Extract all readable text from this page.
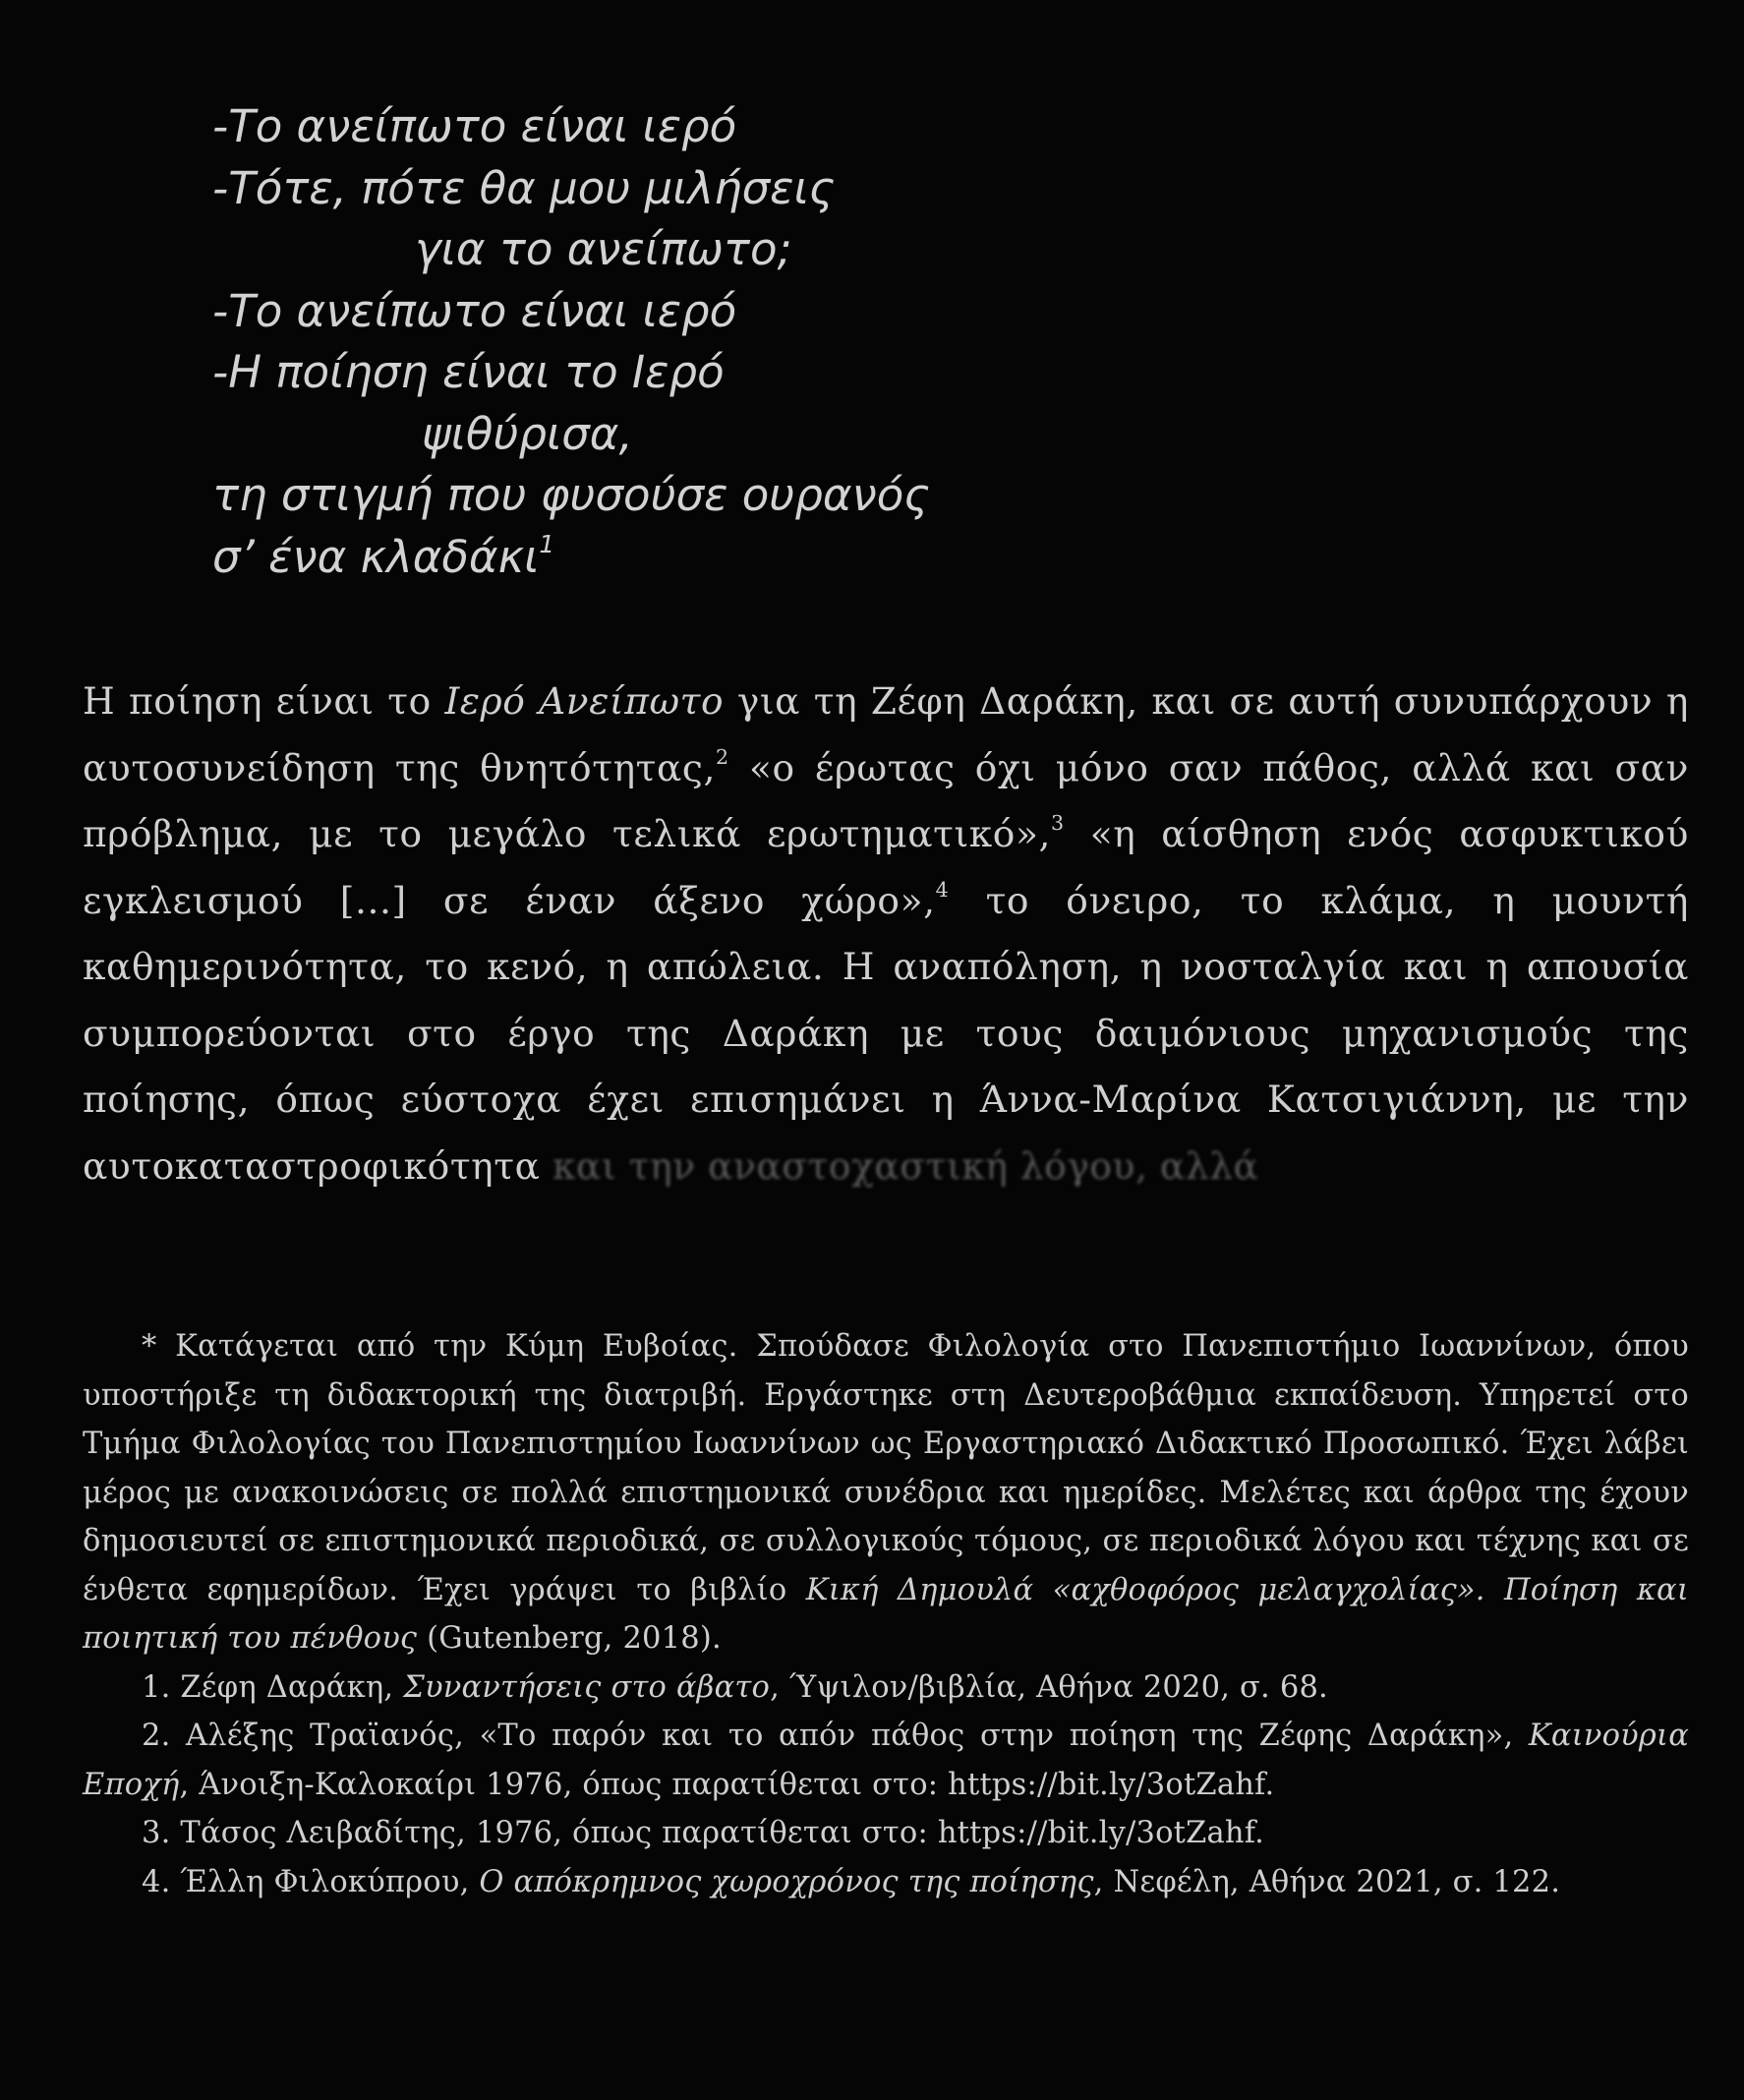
-Το ανείπωτο είναι ιερό
-Τότε, πότε θα μου μιλήσεις
για το ανείπωτο;
-Το ανείπωτο είναι ιερό
-Η ποίηση είναι το Ιερό
ψιθύρισα,
τη στιγμή που φυσούσε ουρανός
σ’ ένα κλαδάκι$^1$
Η ποίηση είναι το Ιερό Ανείπωτο για τη Ζέφη Δαράκη, και σε αυτή συνυπάρχουν η αυτοσυνείδηση της θνητότητας,$^2$ «ο έρωτας όχι μόνο σαν πάθος, αλλά και σαν πρόβλημα, με το μεγάλο τελικά ερωτηματικό»,$^3$ «η αίσθηση ενός ασφυκτικού εγκλεισμού [...] σε έναν άξενο χώρο»,$^4$ το όνειρο, το κλάμα, η μουντή καθημερινότητα, το κενό, η απώλεια. Η αναπόληση, η νοσταλγία και η απουσία συμπορεύονται στο έργο της Δαράκη με τους δαιμόνιους μηχανισμούς της ποίησης, όπως εύστοχα έχει επισημάνει η Άννα-Μαρίνα Κατσιγιάννη, με την αυτοκαταστροφικότητα και την αναστοχαστική λόγου, αλλά

* Κατάγεται από την Κύμη Ευβοίας. Σπούδασε Φιλολογία στο Πανεπιστήμιο Ιωαννίνων, όπου υποστήριξε τη διδακτορική της διατριβή. Εργάστηκε στη Δευτεροβάθμια εκπαίδευση. Υπηρετεί στο Τμήμα Φιλολογίας του Πανεπιστημίου Ιωαννίνων ως Εργαστηριακό Διδακτικό Προσωπικό. Έχει λάβει μέρος με ανακοινώσεις σε πολλά επιστημονικά συνέδρια και ημερίδες. Μελέτες και άρθρα της έχουν δημοσιευτεί σε επιστημονικά περιοδικά, σε συλλογικούς τόμους, σε περιοδικά λόγου και τέχνης και σε ένθετα εφημερίδων. Έχει γράψει το βιβλίο Κική Δημουλά «αχθοφόρος μελαγχολίας». Ποίηση και ποιητική του πένθους (Gutenberg, 2018).

1. Ζέφη Δαράκη, Συναντήσεις στο άβατο, Ύψιλον/βιβλία, Αθήνα 2020, σ. 68.

2. Αλέξης Τραϊανός, «Το παρόν και το απόν πάθος στην ποίηση της Ζέφης Δαράκη», Καινούρια Εποχή, Άνοιξη-Καλοκαίρι 1976, όπως παρατίθεται στο: https://bit.ly/3otZahf.

3. Τάσος Λειβαδίτης, 1976, όπως παρατίθεται στο: https://bit.ly/3otZahf.

4. Έλλη Φιλοκύπρου, Ο απόκρημνος χωροχρόνος της ποίησης, Νεφέλη, Αθήνα 2021, σ. 122.
